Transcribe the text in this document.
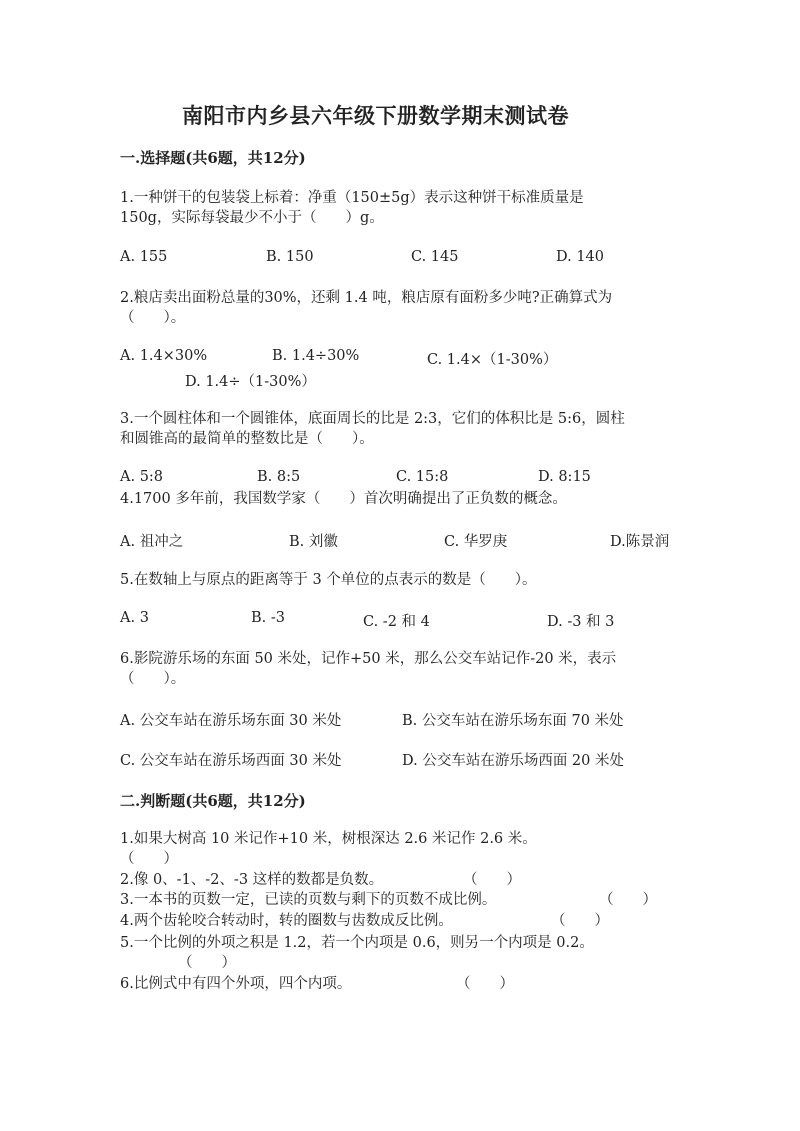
南阳市内乡县六年级下册数学期末测试卷
一.选择题(共6题，共12分)
1.一种饼干的包装袋上标着：净重（150±5g）表示这种饼干标准质量是
150g，实际每袋最少不小于（　　）g。
A. 155	B. 150	C. 145	D. 140
2.粮店卖出面粉总量的30%，还剩 1.4 吨，粮店原有面粉多少吨?正确算式为
（　　）。
A. 1.4×30%	B. 1.4÷30%	C. 1.4×（1-30%）
D. 1.4÷（1-30%）
3.一个圆柱体和一个圆锥体，底面周长的比是 2:3，它们的体积比是 5:6，圆柱
和圆锥高的最简单的整数比是（　　）。
A. 5:8	B. 8:5	C. 15:8	D. 8:15
4.1700 多年前，我国数学家（　　）首次明确提出了正负数的概念。
A. 祖冲之	B. 刘徽	C. 华罗庚	D.陈景润
5.在数轴上与原点的距离等于 3 个单位的点表示的数是（　　）。
A. 3	B. -3	C. -2 和 4	D. -3 和 3
6.影院游乐场的东面 50 米处，记作+50 米，那么公交车站记作-20 米，表示
（　　）。
A. 公交车站在游乐场东面 30 米处	B. 公交车站在游乐场东面 70 米处
C. 公交车站在游乐场西面 30 米处	D. 公交车站在游乐场西面 20 米处
二.判断题(共6题，共12分)
1.如果大树高 10 米记作+10 米，树根深达 2.6 米记作 2.6 米。
（　　）
2.像 0、-1、-2、-3 这样的数都是负数。	（　　）
3.一本书的页数一定，已读的页数与剩下的页数不成比例。	（　　）
4.两个齿轮咬合转动时，转的圈数与齿数成反比例。	（　　）
5.一个比例的外项之积是 1.2，若一个内项是 0.6，则另一个内项是 0.2。
（　　）
6.比例式中有四个外项，四个内项。	（　　）
